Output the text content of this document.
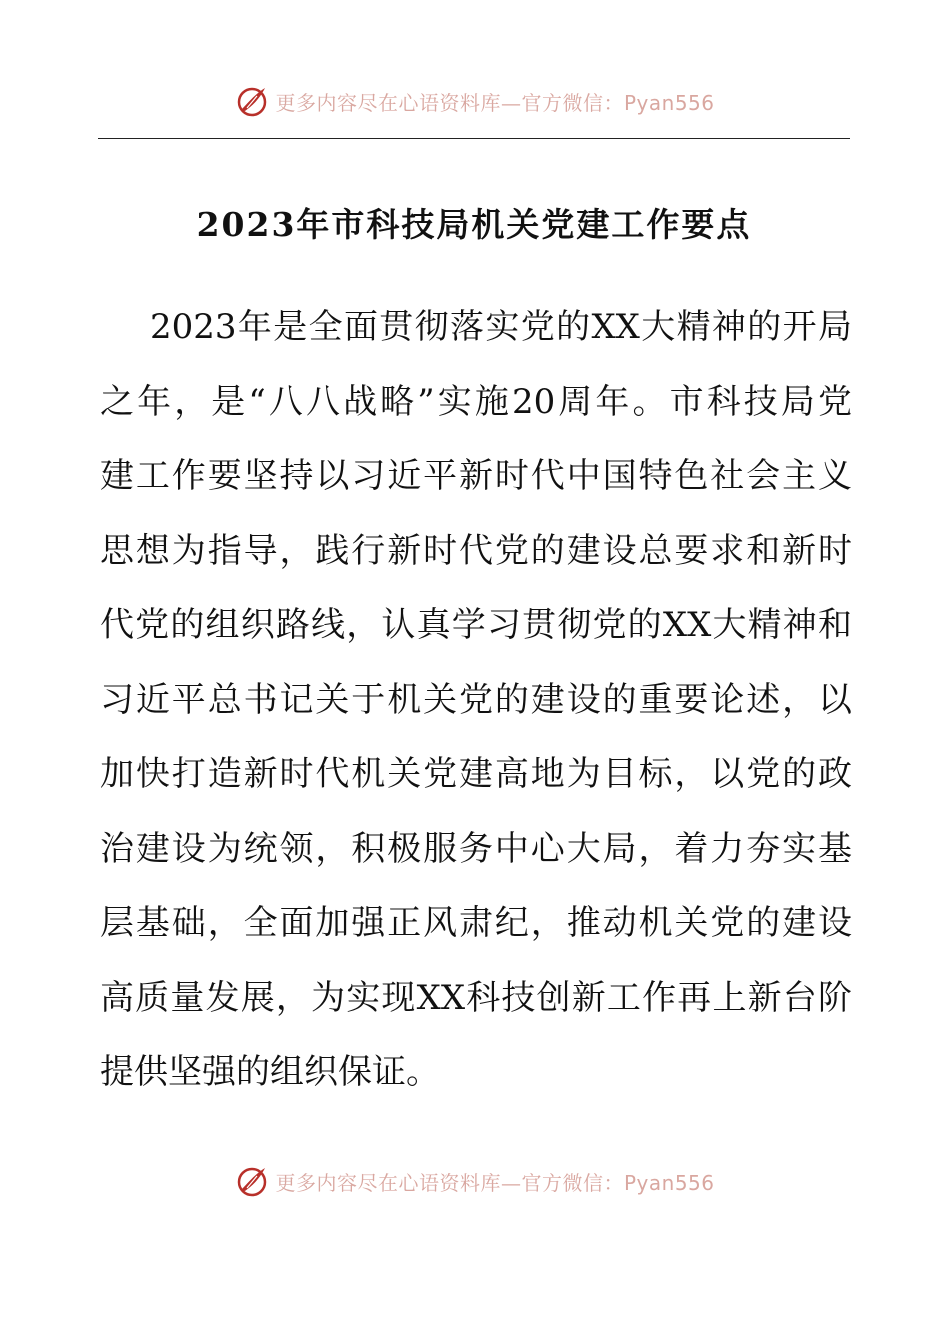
更多内容尽在心语资料库—官方微信：Pyan556
2023年市科技局机关党建工作要点
2023年是全面贯彻落实党的XX大精神的开局
之年，是“八八战略”实施20周年。市科技局党
建工作要坚持以习近平新时代中国特色社会主义
思想为指导，践行新时代党的建设总要求和新时
代党的组织路线，认真学习贯彻党的XX大精神和
习近平总书记关于机关党的建设的重要论述，以
加快打造新时代机关党建高地为目标，以党的政
治建设为统领，积极服务中心大局，着力夯实基
层基础，全面加强正风肃纪，推动机关党的建设
高质量发展，为实现XX科技创新工作再上新台阶
提供坚强的组织保证。
更多内容尽在心语资料库—官方微信：Pyan556
